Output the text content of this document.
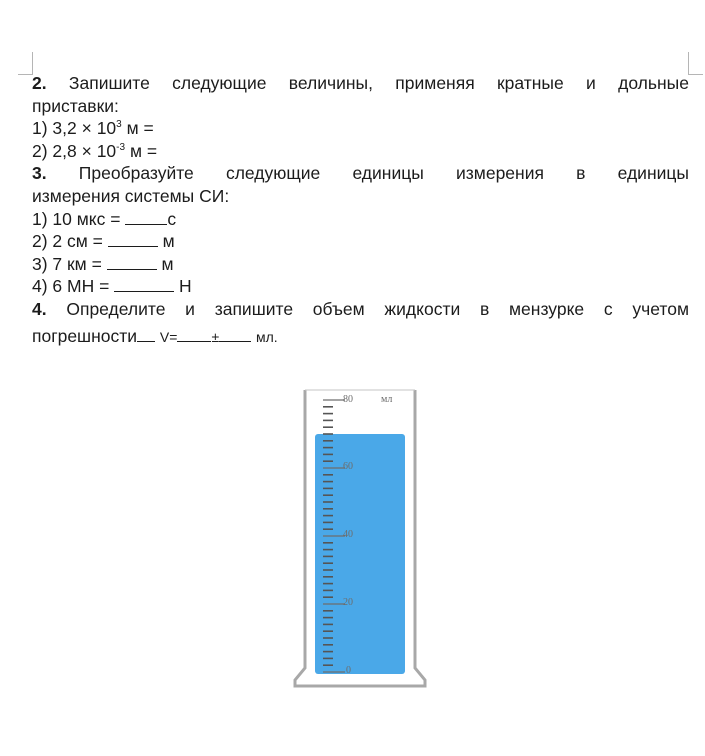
2. Запишите следующие величины, применяя кратные и дольные
приставки:
1) $3,2 \times 10^3$ м =
2) $2,8 \times 10^{-3}$ м =
3. Преобразуйте следующие единицы измерения в единицы
измерения системы СИ:
1) 10 мкс = с
2) 2 см =	м
3) 7 км =	м
4) 6 МН =	Н
4. Определите и запишите объем жидкости в мензурке с учетом
погрешности V= ±	мл.
мл
80
60
40
20
0
